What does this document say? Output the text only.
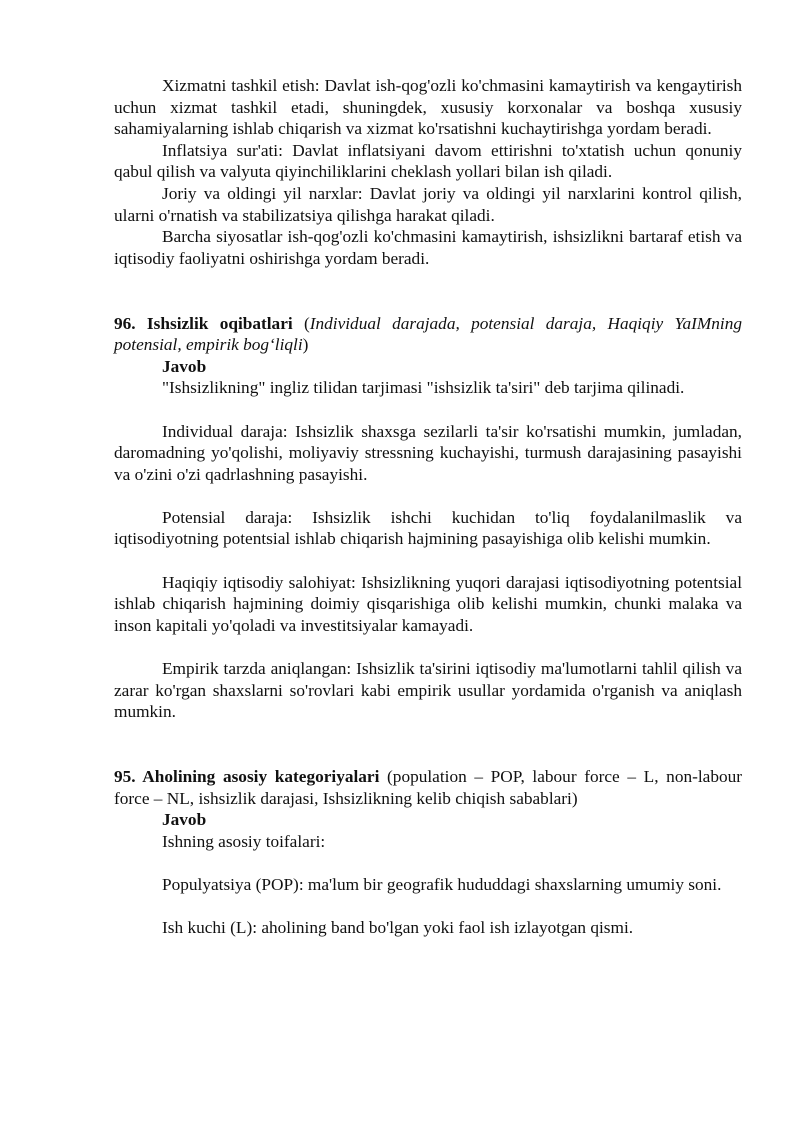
Xizmatni tashkil etish: Davlat ish-qog'ozli ko'chmasini kamaytirish va kengaytirish uchun xizmat tashkil etadi, shuningdek, xususiy korxonalar va boshqa xususiy sahamiyalarning ishlab chiqarish va xizmat ko'rsatishni kuchaytirishga yordam beradi.

Inflatsiya sur'ati: Davlat inflatsiyani davom ettirishni to'xtatish uchun qonuniy qabul qilish va valyuta qiyinchiliklarini cheklash yollari bilan ish qiladi.

Joriy va oldingi yil narxlar: Davlat joriy va oldingi yil narxlarini kontrol qilish, ularni o'rnatish va stabilizatsiya qilishga harakat qiladi.

Barcha siyosatlar ish-qog'ozli ko'chmasini kamaytirish, ishsizlikni bartaraf etish va iqtisodiy faoliyatni oshirishga yordam beradi.

96. Ishsizlik oqibatlari (Individual darajada, potensial daraja, Haqiqiy YaIMning potensial, empirik bog‘liqli)

Javob

"Ishsizlikning" ingliz tilidan tarjimasi "ishsizlik ta'siri" deb tarjima qilinadi.

Individual daraja: Ishsizlik shaxsga sezilarli ta'sir ko'rsatishi mumkin, jumladan, daromadning yo'qolishi, moliyaviy stressning kuchayishi, turmush darajasining pasayishi va o'zini o'zi qadrlashning pasayishi.

Potensial daraja: Ishsizlik ishchi kuchidan to'liq foydalanilmaslik va iqtisodiyotning potentsial ishlab chiqarish hajmining pasayishiga olib kelishi mumkin.

Haqiqiy iqtisodiy salohiyat: Ishsizlikning yuqori darajasi iqtisodiyotning potentsial ishlab chiqarish hajmining doimiy qisqarishiga olib kelishi mumkin, chunki malaka va inson kapitali yo'qoladi va investitsiyalar kamayadi.

Empirik tarzda aniqlangan: Ishsizlik ta'sirini iqtisodiy ma'lumotlarni tahlil qilish va zarar ko'rgan shaxslarni so'rovlari kabi empirik usullar yordamida o'rganish va aniqlash mumkin.

95. Aholining asosiy kategoriyalari (population – POP, labour force – L, non-labour force – NL, ishsizlik darajasi, Ishsizlikning kelib chiqish sabablari)

Javob

Ishning asosiy toifalari:

Populyatsiya (POP): ma'lum bir geografik hududdagi shaxslarning umumiy soni.

Ish kuchi (L): aholining band bo'lgan yoki faol ish izlayotgan qismi.
